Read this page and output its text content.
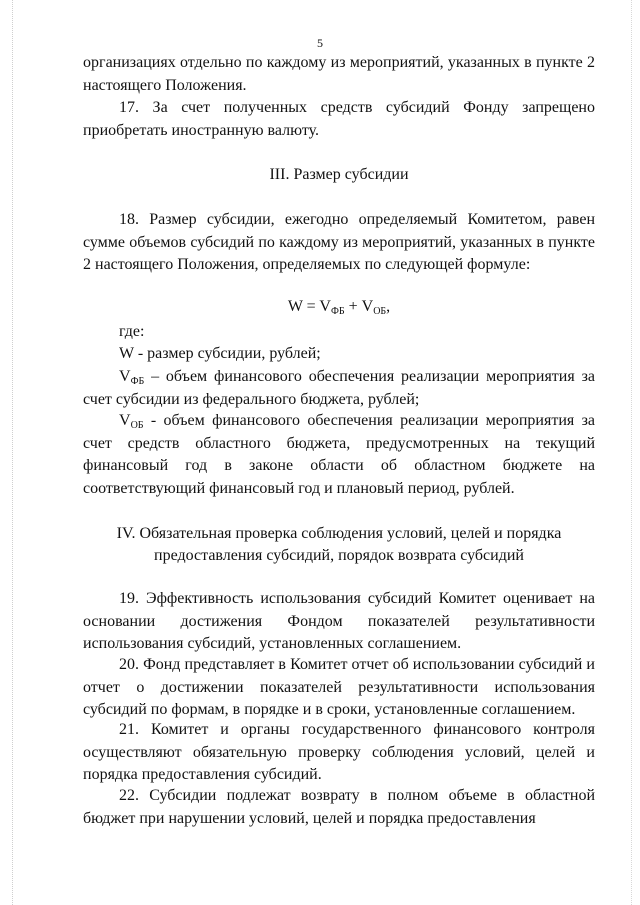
5

организациях отдельно по каждому из мероприятий, указанных в пункте 2 настоящего Положения.

17. За счет полученных средств субсидий Фонду запрещено приобретать иностранную валюту.

III. Размер субсидии

18. Размер субсидии, ежегодно определяемый Комитетом, равен сумме объемов субсидий по каждому из мероприятий, указанных в пункте 2 настоящего Положения, определяемых по следующей формуле:

$W = V_{ФБ} + V_{ОБ}$,

где:

W - размер субсидии, рублей;

$V_{ФБ}$ – объем финансового обеспечения реализации мероприятия за счет субсидии из федерального бюджета, рублей;

$V_{ОБ}$ - объем финансового обеспечения реализации мероприятия за счет средств областного бюджета, предусмотренных на текущий финансовый год в законе области об областном бюджете на соответствующий финансовый год и плановый период, рублей.

IV. Обязательная проверка соблюдения условий, целей и порядка

предоставления субсидий, порядок возврата субсидий

19. Эффективность использования субсидий Комитет оценивает на основании достижения Фондом показателей результативности использования субсидий, установленных соглашением.

20. Фонд представляет в Комитет отчет об использовании субсидий и отчет о достижении показателей результативности использования субсидий по формам, в порядке и в сроки, установленные соглашением.

21. Комитет и органы государственного финансового контроля осуществляют обязательную проверку соблюдения условий, целей и порядка предоставления субсидий.

22. Субсидии подлежат возврату в полном объеме в областной бюджет при нарушении условий, целей и порядка предоставления
